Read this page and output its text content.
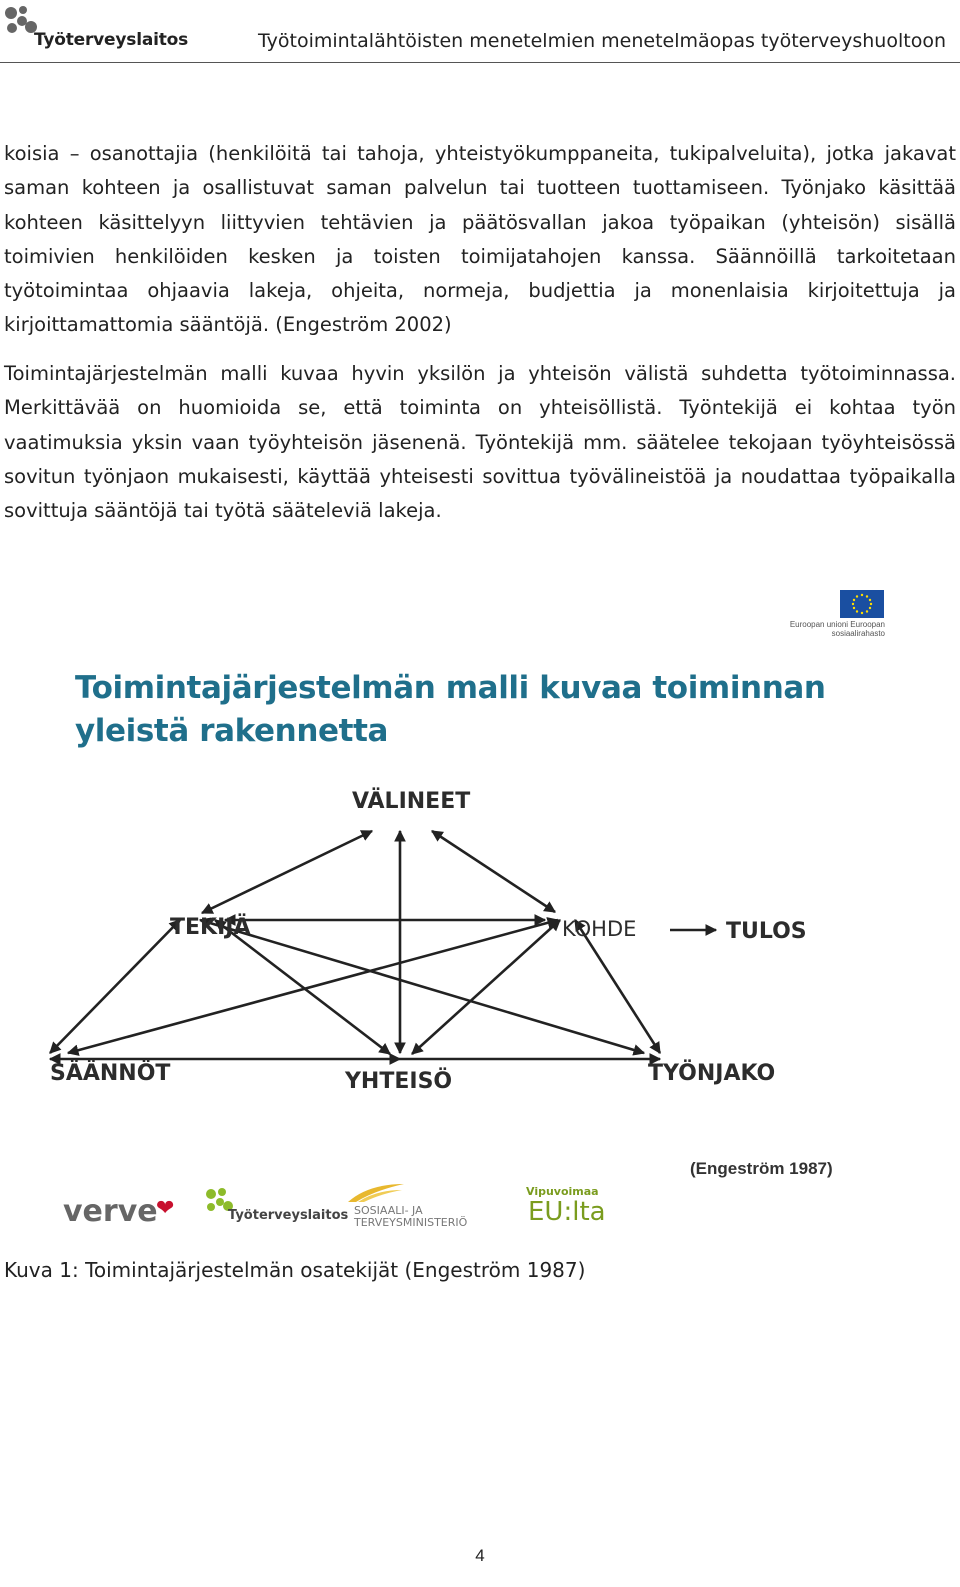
Työterveyslaitos	Työtoimintalähtöisten menetelmien menetelmäopas työterveyshuoltoon

koisia – osanottajia (henkilöitä tai tahoja, yhteistyökumppaneita, tukipalveluita), jotka jakavat saman kohteen ja osallistuvat saman palvelun tai tuotteen tuottamiseen. Työnjako käsittää kohteen käsittelyyn liittyvien tehtävien ja päätösvallan jakoa työpaikan (yhteisön) sisällä toimivien henkilöiden kesken ja toisten toimijatahojen kanssa. Säännöillä tarkoitetaan työtoimintaa ohjaavia lakeja, ohjeita, normeja, budjettia ja monenlaisia kirjoitettuja ja kirjoittamattomia sääntöjä. (Engeström 2002)

Toimintajärjestelmän malli kuvaa hyvin yksilön ja yhteisön välistä suhdetta työtoiminnassa. Merkittävää on huomioida se, että toiminta on yhteisöllistä. Työntekijä ei kohtaa työn vaatimuksia yksin vaan työyhteisön jäsenenä. Työntekijä mm. säätelee tekojaan työyhteisössä sovitun työnjaon mukaisesti, käyttää yhteisesti sovittua työvälineistöä ja noudattaa työpaikalla sovittuja sääntöjä tai työtä sääteleviä lakeja.

Euroopan unioni Euroopan sosiaalirahasto
Toimintajärjestelmän malli kuvaa toiminnan yleistä rakennetta
VÄLINEET
TEKIJÄ	KOHDE	TULOS
SÄÄNNÖT	YHTEISÖ	TYÖNJAKO
(Engeström 1987)
verve
❤	Työterveyslaitos SOSIAALI- JA
TERVEYSMINISTERIÖ
Vipuvoimaa
EU:lta
Kuva 1: Toimintajärjestelmän osatekijät (Engeström 1987)
4
